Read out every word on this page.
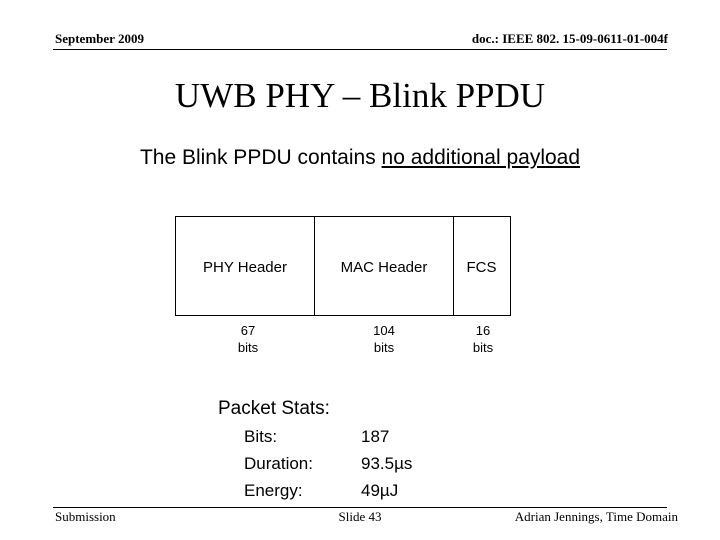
September 2009	doc.: IEEE 802. 15-09-0611-01-004f
UWB PHY – Blink PPDU
The Blink PPDU contains no additional payload
PHY Header	MAC Header	FCS
67
bits
104
bits
16
bits
Packet Stats:
Bits:	187
Duration:	93.5µs
Energy:	49µJ
Submission	Slide 43	Adrian Jennings, Time Domain
